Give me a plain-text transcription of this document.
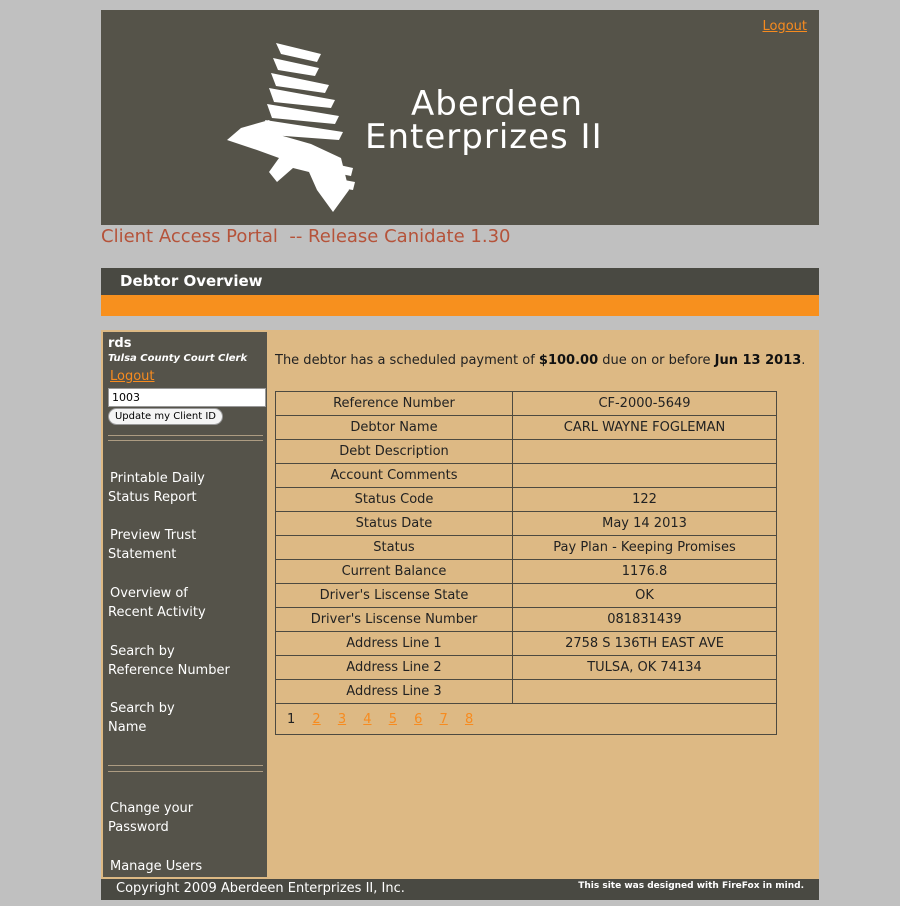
Logout
Aberdeen
Enterprizes II
Client Access Portal  -- Release Canidate 1.30
Debtor Overview
rds
Tulsa County Court Clerk
Logout
1003
Update my Client ID
Printable Daily
Status Report
Preview Trust
Statement
Overview of
Recent Activity
Search by
Reference Number
Search by
Name
Change your
Password
Manage Users
The debtor has a scheduled payment of $100.00 due on or before Jun 13 2013.
Reference Number	CF-2000-5649
Debtor Name	CARL WAYNE FOGLEMAN
Debt Description	
Account Comments	
Status Code	122
Status Date	May 14 2013
Status	Pay Plan - Keeping Promises
Current Balance	1176.8
Driver's Liscense State	OK
Driver's Liscense Number	081831439
Address Line 1	2758 S 136TH EAST AVE
Address Line 2	TULSA, OK 74134
Address Line 3	
1 2 3 4 5 6 7 8	
Copyright 2009 Aberdeen Enterprizes II, Inc.	This site was designed with FireFox in mind.
